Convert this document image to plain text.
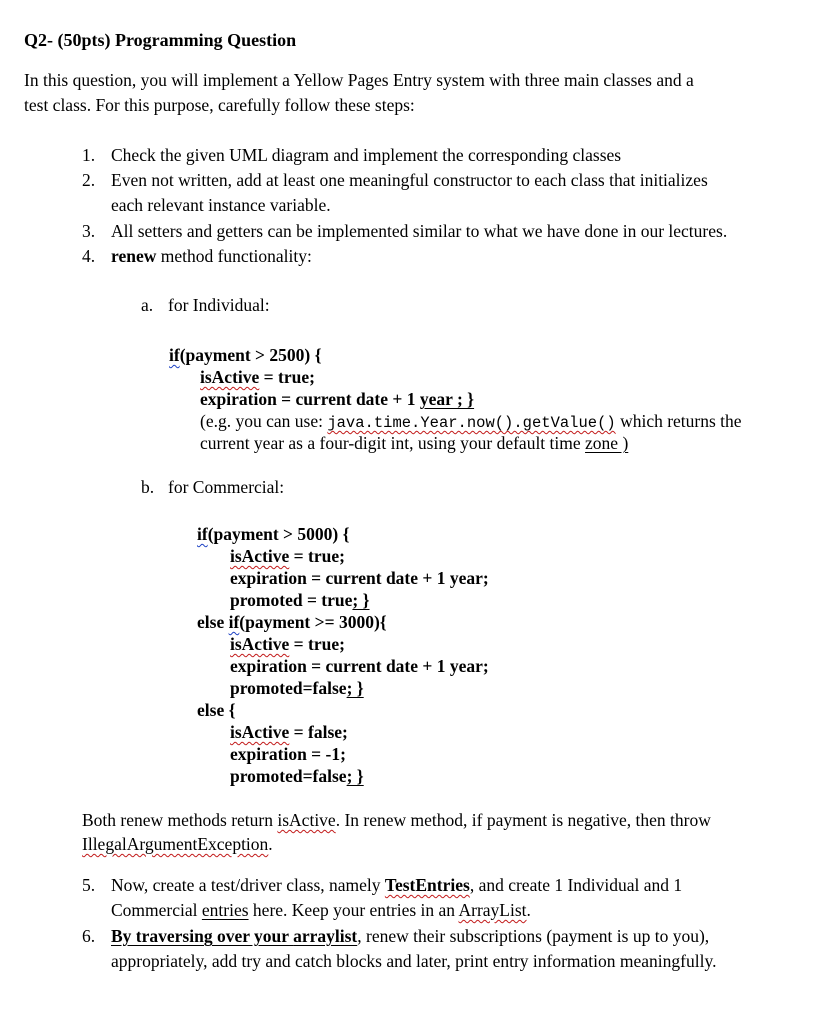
Q2- (50pts) Programming Question
In this question, you will implement a Yellow Pages Entry system with three main classes and a
test class. For this purpose, carefully follow these steps:
1. Check the given UML diagram and implement the corresponding classes
2. Even not written, add at least one meaningful constructor to each class that initializes
each relevant instance variable.
3. All setters and getters can be implemented similar to what we have done in our lectures.
4. renew method functionality:
a. for Individual:
if(payment > 2500) {
isActive = true;
expiration = current date + 1 year ; }
(e.g. you can use: java.time.Year.now().getValue() which returns the
current year as a four-digit int, using your default time zone )
b. for Commercial:
if(payment > 5000) {
isActive = true;
expiration = current date + 1 year;
promoted = true; }
else if(payment >= 3000){
isActive = true;
expiration = current date + 1 year;
promoted=false; }
else {
isActive = false;
expiration = -1;
promoted=false; }
Both renew methods return isActive. In renew method, if payment is negative, then throw
IllegalArgumentException.
5. Now, create a test/driver class, namely TestEntries, and create 1 Individual and 1
Commercial entries here. Keep your entries in an ArrayList.
6. By traversing over your arraylist, renew their subscriptions (payment is up to you),
appropriately, add try and catch blocks and later, print entry information meaningfully.
